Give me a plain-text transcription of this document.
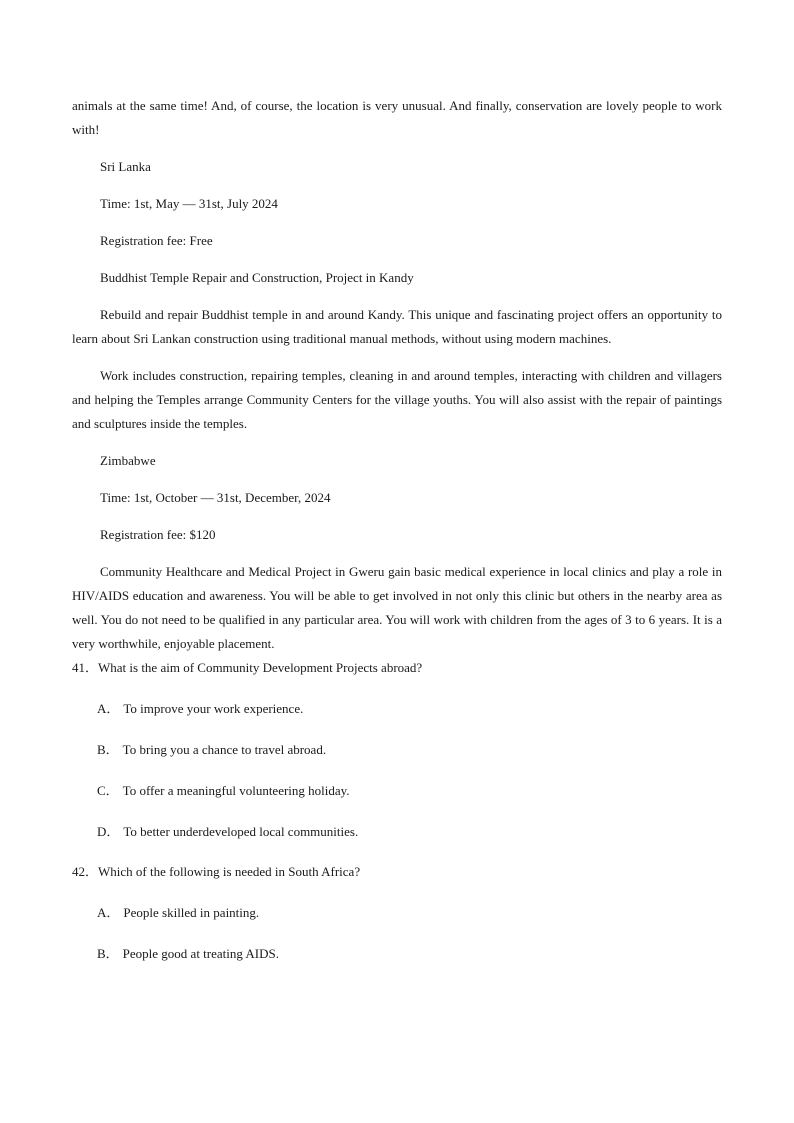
animals at the same time! And, of course, the location is very unusual. And finally, conservation are lovely people to work with!

Sri Lanka

Time: 1st, May — 31st, July 2024

Registration fee: Free

Buddhist Temple Repair and Construction, Project in Kandy

Rebuild and repair Buddhist temple in and around Kandy. This unique and fascinating project offers an opportunity to learn about Sri Lankan construction using traditional manual methods, without using modern machines.

Work includes construction, repairing temples, cleaning in and around temples, interacting with children and villagers and helping the Temples arrange Community Centers for the village youths. You will also assist with the repair of paintings and sculptures inside the temples.

Zimbabwe

Time: 1st, October — 31st, December, 2024

Registration fee: $120

Community Healthcare and Medical Project in Gweru gain basic medical experience in local clinics and play a role in HIV/AIDS education and awareness. You will be able to get involved in not only this clinic but others in the nearby area as well. You do not need to be qualified in any particular area. You will work with children from the ages of 3 to 6 years. It is a very worthwhile, enjoyable placement.

41．What is the aim of Community Development Projects abroad?

A． To improve your work experience.

B． To bring you a chance to travel abroad.

C． To offer a meaningful volunteering holiday.

D． To better underdeveloped local communities.

42．Which of the following is needed in South Africa?

A． People skilled in painting.

B． People good at treating AIDS.
